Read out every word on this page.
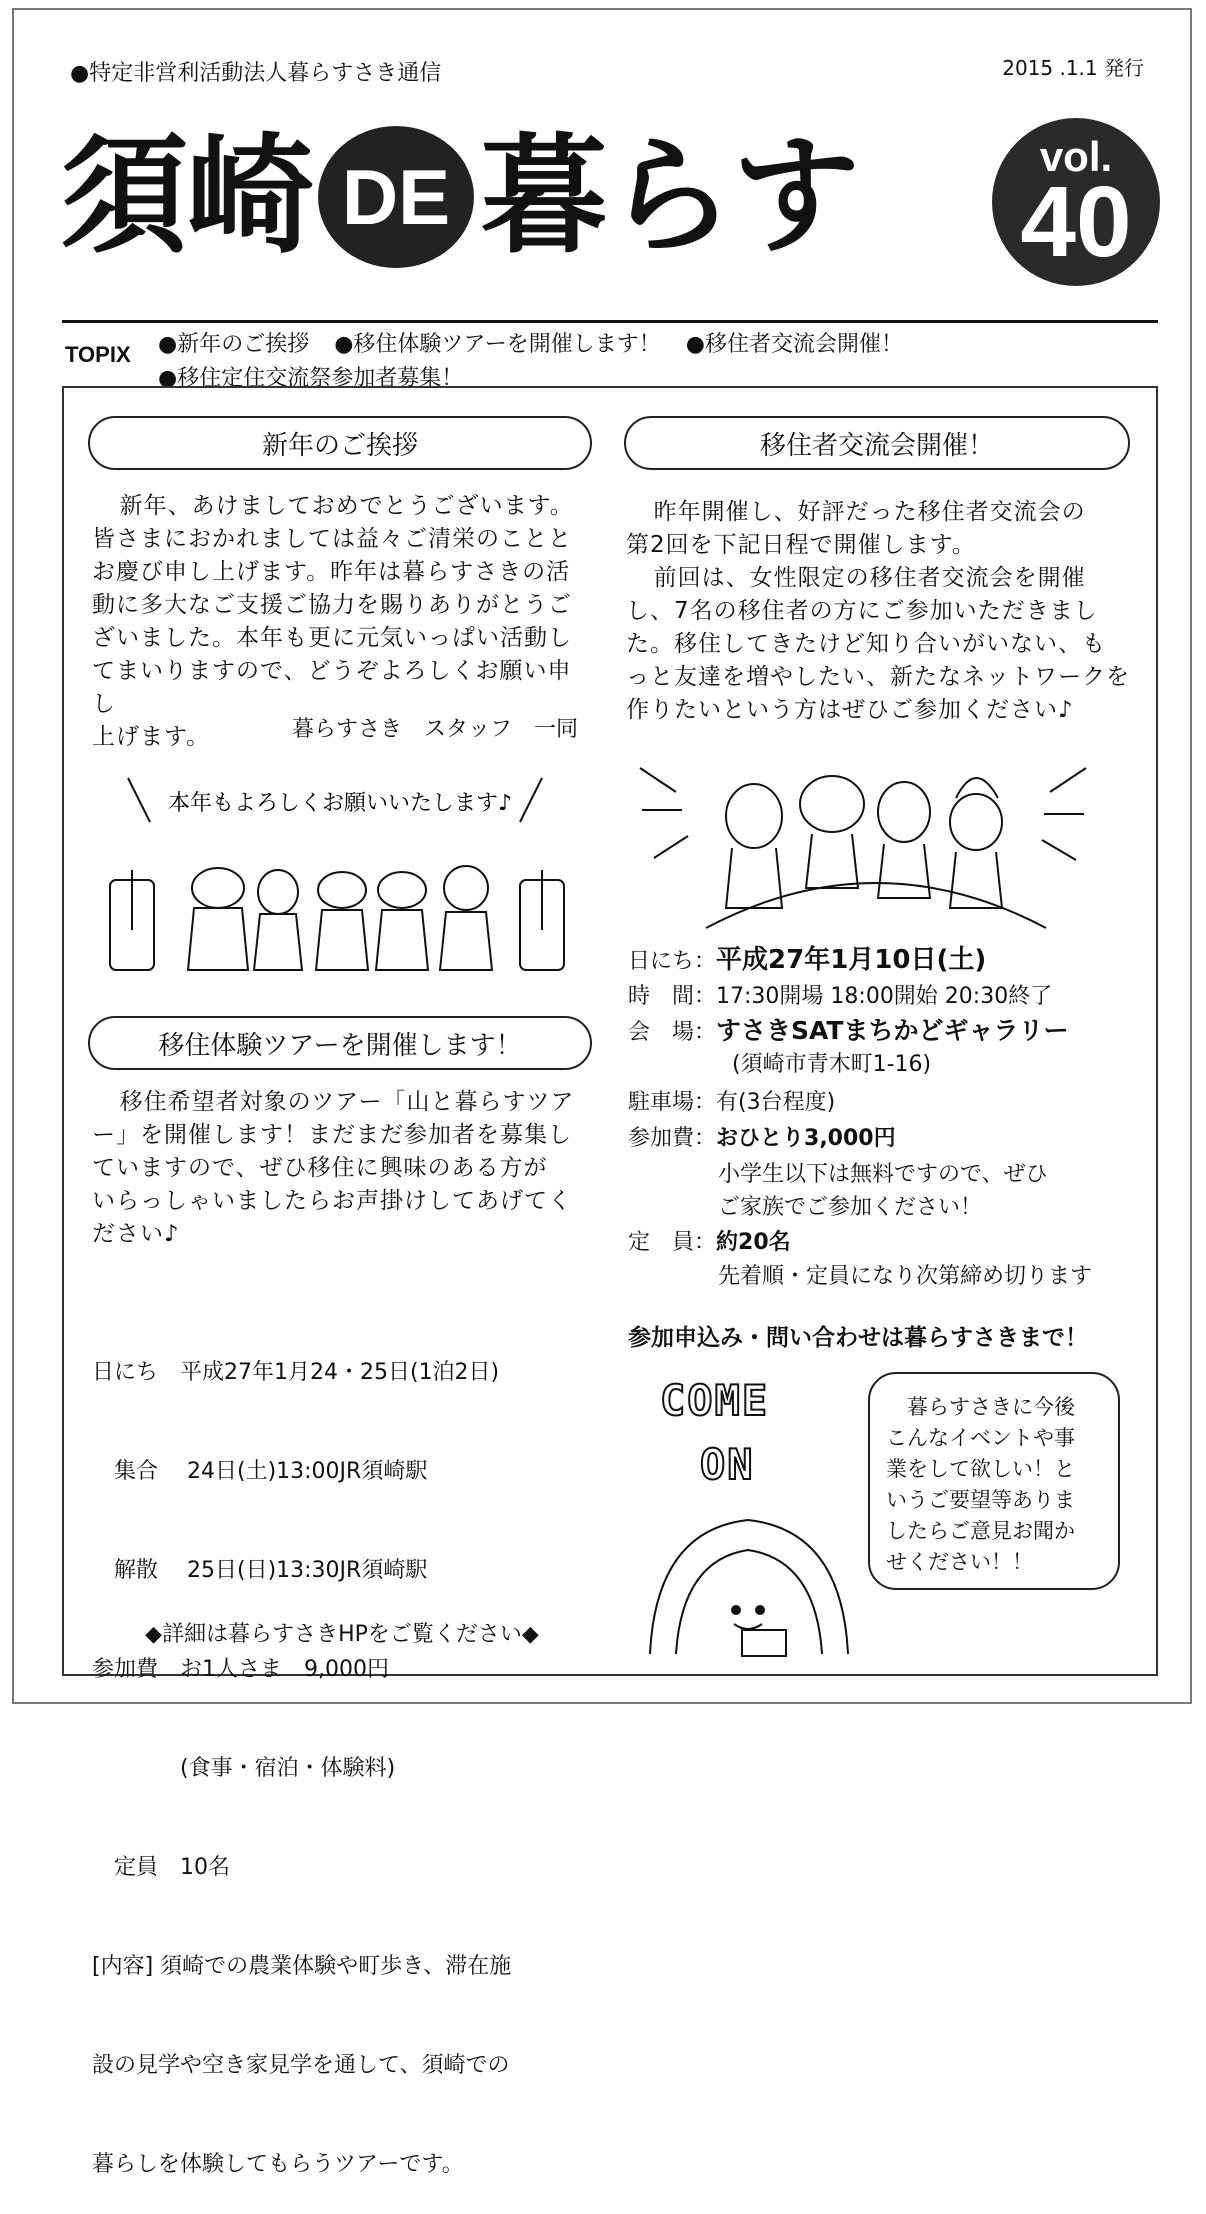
●特定非営利活動法人暮らすさき通信	2015 .1.1 発行
須崎 DE 暮らす	vol.
40
TOPIX ●新年のご挨拶 ●移住体験ツアーを開催します！ ●移住者交流会開催！
●移住定住交流祭参加者募集！
新年のご挨拶
新年、あけましておめでとうございます。
皆さまにおかれましては益々ご清栄のことと
お慶び申し上げます。昨年は暮らすさきの活
動に多大なご支援ご協力を賜りありがとうご
ざいました。本年も更に元気いっぱい活動し
てまいりますので、どうぞよろしくお願い申し
上げます。	暮らすさき　スタッフ　一同
本年もよろしくお願いいたします♪
移住体験ツアーを開催します！
移住希望者対象のツアー「山と暮らすツア
ー」を開催します！まだまだ参加者を募集し
ていますので、ぜひ移住に興味のある方が
いらっしゃいましたらお声掛けしてあげてく
ださい♪

日にち　平成27年1月24・25日(1泊2日)

　集合　 24日(土)13:00JR須崎駅

　解散　 25日(日)13:30JR須崎駅

参加費　お1人さま　9,000円

　　　　(食事・宿泊・体験料)

　定員　10名

[内容] 須崎での農業体験や町歩き、滞在施

設の見学や空き家見学を通して、須崎での

暮らしを体験してもらうツアーです。

◆詳細は暮らすさきHPをご覧ください◆
移住者交流会開催！
昨年開催し、好評だった移住者交流会の
第2回を下記日程で開催します。
前回は、女性限定の移住者交流会を開催
し、7名の移住者の方にご参加いただきまし
た。移住してきたけど知り合いがいない、も
っと友達を増やしたい、新たなネットワークを
作りたいという方はぜひご参加ください♪
日にち：平成27年1月10日(土)
時　間：17:30開場 18:00開始 20:30終了
会　場：すさきSATまちかどギャラリー
(須崎市青木町1-16)
駐車場：有(3台程度)
参加費：おひとり3,000円
小学生以下は無料ですので、ぜひ
ご家族でご参加ください！
定　員：約20名
先着順・定員になり次第締め切ります
参加申込み・問い合わせは暮らすさきまで！
COME
ON
暮らすさきに今後
こんなイベントや事
業をして欲しい！と
いうご要望等ありま
したらご意見お聞か
せください！！
